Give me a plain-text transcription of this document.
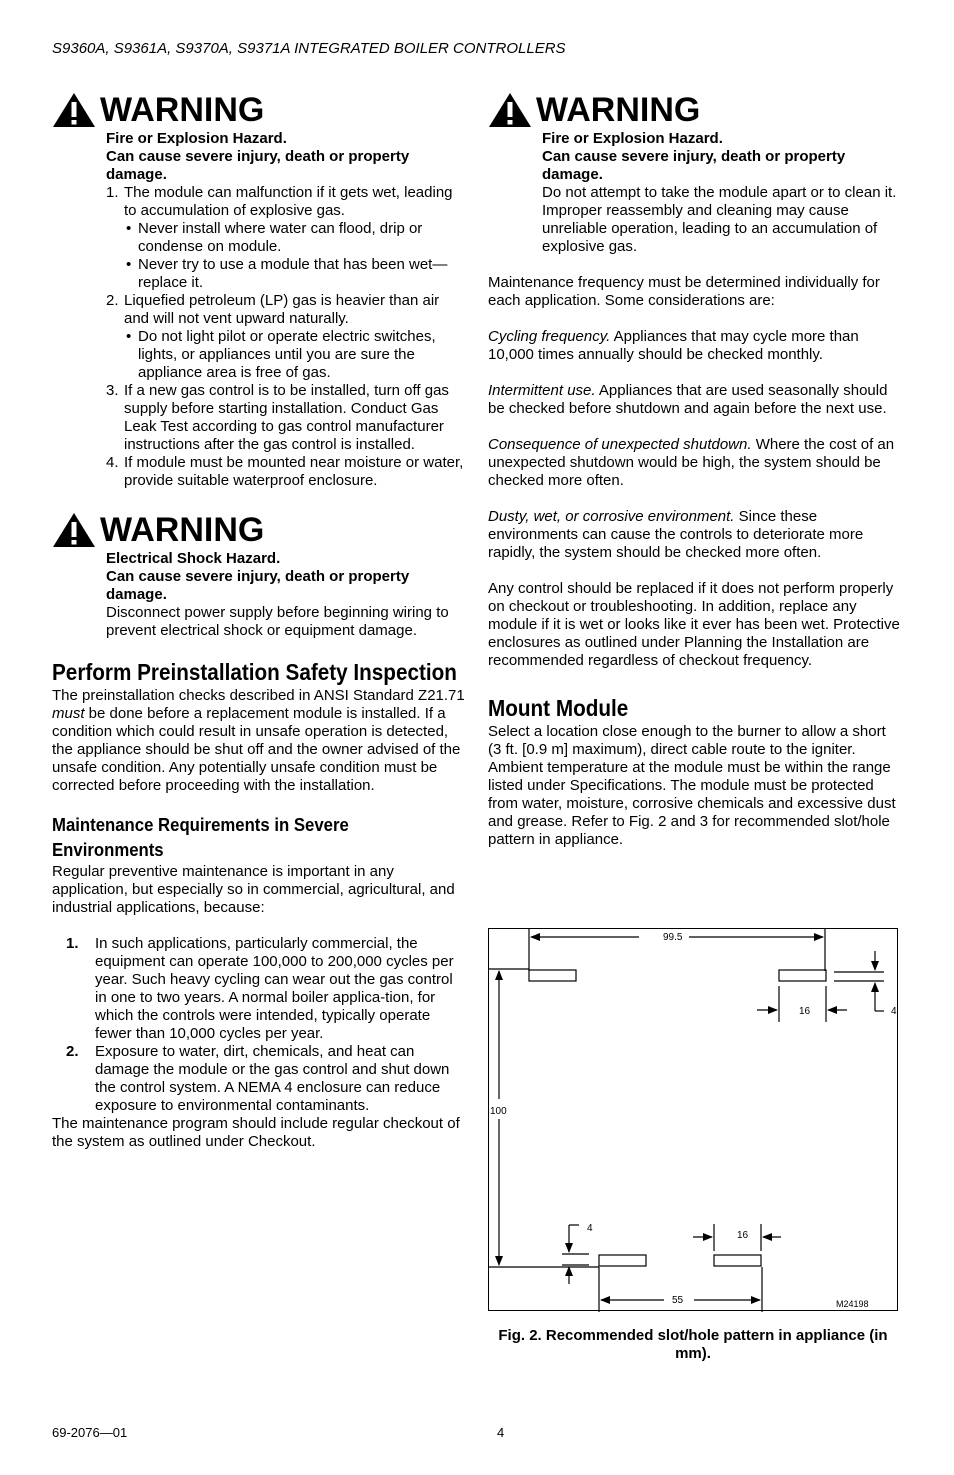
S9360A, S9361A, S9370A, S9371A INTEGRATED BOILER CONTROLLERS
WARNING

Fire or Explosion Hazard.

Can cause severe injury, death or property damage.

1. The module can malfunction if it gets wet, leading to accumulation of explosive gas.
• Never install where water can flood, drip or condense on module.
• Never try to use a module that has been wet—replace it.
2. Liquefied petroleum (LP) gas is heavier than air and will not vent upward naturally.
• Do not light pilot or operate electric switches, lights, or appliances until you are sure the appliance area is free of gas.
3. If a new gas control is to be installed, turn off gas supply before starting installation. Conduct Gas Leak Test according to gas control manufacturer instructions after the gas control is installed.
4. If module must be mounted near moisture or water, provide suitable waterproof enclosure.
WARNING

Electrical Shock Hazard.

Can cause severe injury, death or property damage.

Disconnect power supply before beginning wiring to prevent electrical shock or equipment damage.

Perform Preinstallation Safety Inspection

The preinstallation checks described in ANSI Standard Z21.71 must be done before a replacement module is installed. If a condition which could result in unsafe operation is detected, the appliance should be shut off and the owner advised of the unsafe condition. Any potentially unsafe condition must be corrected before proceeding with the installation.

Maintenance Requirements in Severe Environments

Regular preventive maintenance is important in any application, but especially so in commercial, agricultural, and industrial applications, because:

1.	In such applications, particularly commercial, the equipment can operate 100,000 to 200,000 cycles per year. Such heavy cycling can wear out the gas control in one to two years. A normal boiler applica-tion, for which the controls were intended, typically operate fewer than 10,000 cycles per year.
2.	Exposure to water, dirt, chemicals, and heat can damage the module or the gas control and shut down the control system. A NEMA 4 enclosure can reduce exposure to environmental contaminants.

The maintenance program should include regular checkout of the system as outlined under Checkout.

WARNING

Fire or Explosion Hazard.

Can cause severe injury, death or property damage.

Do not attempt to take the module apart or to clean it. Improper reassembly and cleaning may cause unreliable operation, leading to an accumulation of explosive gas.

Maintenance frequency must be determined individually for each application. Some considerations are:

Cycling frequency. Appliances that may cycle more than 10,000 times annually should be checked monthly.

Intermittent use. Appliances that are used seasonally should be checked before shutdown and again before the next use.

Consequence of unexpected shutdown. Where the cost of an unexpected shutdown would be high, the system should be checked more often.

Dusty, wet, or corrosive environment. Since these environments can cause the controls to deteriorate more rapidly, the system should be checked more often.

Any control should be replaced if it does not perform properly on checkout or troubleshooting. In addition, replace any module if it is wet or looks like it ever has been wet. Protective enclosures as outlined under Planning the Installation are recommended regardless of checkout frequency.

Mount Module

Select a location close enough to the burner to allow a short (3 ft. [0.9 m] maximum), direct cable route to the igniter. Ambient temperature at the module must be within the range listed under Specifications. The module must be protected from water, moisture, corrosive chemicals and excessive dust and grease. Refer to Fig. 2 and 3 for recommended slot/hole pattern in appliance.

99.5
100
16	4
4
16
55	M24198
Fig. 2. Recommended slot/hole pattern in appliance (in mm).
69-2076—01	4
